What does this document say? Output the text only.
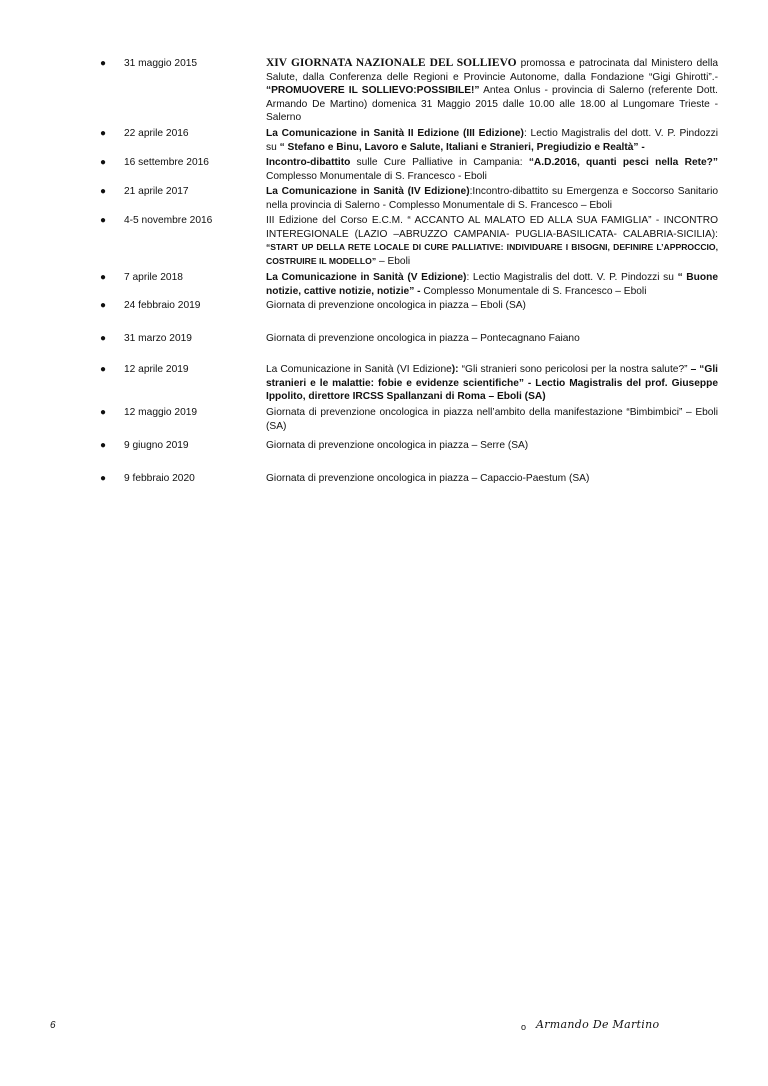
● 31 maggio 2015	XIV GIORNATA NAZIONALE DEL SOLLIEVO promossa e patrocinata dal Ministero della Salute, dalla Conferenza delle Regioni e Provincie Autonome, dalla Fondazione “Gigi Ghirotti”.- “PROMUOVERE IL SOLLIEVO:POSSIBILE!” Antea Onlus - provincia di Salerno (referente Dott. Armando De Martino) domenica 31 Maggio 2015 dalle 10.00 alle 18.00 al Lungomare Trieste - Salerno
● 22 aprile 2016	La Comunicazione in Sanità II Edizione (III Edizione): Lectio Magistralis del dott. V. P. Pindozzi su “ Stefano e Binu, Lavoro e Salute, Italiani e Stranieri, Pregiudizio e Realtà” -
● 16 settembre 2016	Incontro-dibattito sulle Cure Palliative in Campania: “A.D.2016, quanti pesci nella Rete?” Complesso Monumentale di S. Francesco - Eboli
● 21 aprile 2017	La Comunicazione in Sanità (IV Edizione):Incontro-dibattito su Emergenza e Soccorso Sanitario nella provincia di Salerno - Complesso Monumentale di S. Francesco – Eboli
● 4-5 novembre 2016	III Edizione del Corso E.C.M. “ ACCANTO AL MALATO ED ALLA SUA FAMIGLIA” - INCONTRO INTEREGIONALE (LAZIO –ABRUZZO CAMPANIA- PUGLIA-BASILICATA- CALABRIA-SICILIA): “START UP DELLA RETE LOCALE DI CURE PALLIATIVE: INDIVIDUARE I BISOGNI, DEFINIRE L’APPROCCIO, COSTRUIRE IL MODELLO” – Eboli
● 7 aprile 2018	La Comunicazione in Sanità (V Edizione): Lectio Magistralis del dott. V. P. Pindozzi su “ Buone notizie, cattive notizie, notizie” - Complesso Monumentale di S. Francesco – Eboli
● 24 febbraio 2019	Giornata di prevenzione oncologica in piazza – Eboli (SA)
● 31 marzo 2019	Giornata di prevenzione oncologica in piazza – Pontecagnano Faiano
● 12 aprile 2019	La Comunicazione in Sanità (VI Edizione): “Gli stranieri sono pericolosi per la nostra salute?” – “Gli stranieri e le malattie: fobie e evidenze scientifiche” - Lectio Magistralis del prof. Giuseppe Ippolito, direttore IRCSS Spallanzani di Roma – Eboli (SA)
● 12 maggio 2019	Giornata di prevenzione oncologica in piazza nell’ambito della manifestazione “Bimbimbici” – Eboli (SA)
● 9 giugno 2019	Giornata di prevenzione oncologica in piazza – Serre (SA)
● 9 febbraio 2020	Giornata di prevenzione oncologica in piazza – Capaccio-Paestum (SA)
6	o Armando De Martino
